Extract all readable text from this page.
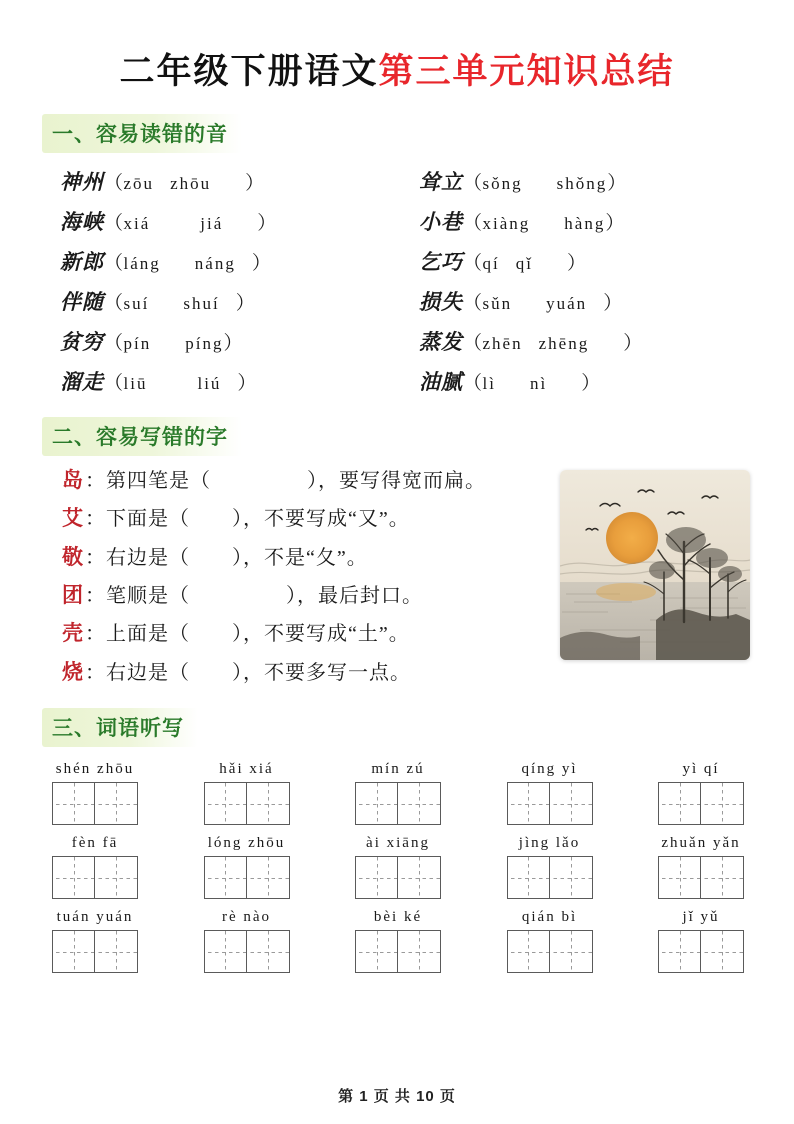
二年级下册语文第三单元知识总结
一、容易读错的音
神州（zōu zhōu ）	耸立（sǒng shǒng）
海峡（xiá jiá ）	小巷（xiàng hàng）
新郎（láng náng ）	乞巧（qí qǐ ）
伴随（suí shuí ）	损失（sǔn yuán ）
贫穷（pín píng）	蒸发（zhēn zhēng ）
溜走（liū liú ）	油腻（lì nì ）
二、容易写错的字
岛：第四笔是（	），要写得宽而扁。
艾：下面是（ ），不要写成“又”。
敬：右边是（ ），不是“夂”。
团：笔顺是（	），最后封口。
壳：上面是（ ），不要写成“土”。
烧：右边是（ ），不要多写一点。
三、词语听写
shén zhōu	hǎi xiá	mín zú	qíng yì	yì qí
fèn fā	lóng zhōu	ài xiāng	jìng lǎo	zhuǎn yǎn
tuán yuán	rè nào	bèi ké	qián bì	jǐ yǔ
第 1 页 共 10 页
